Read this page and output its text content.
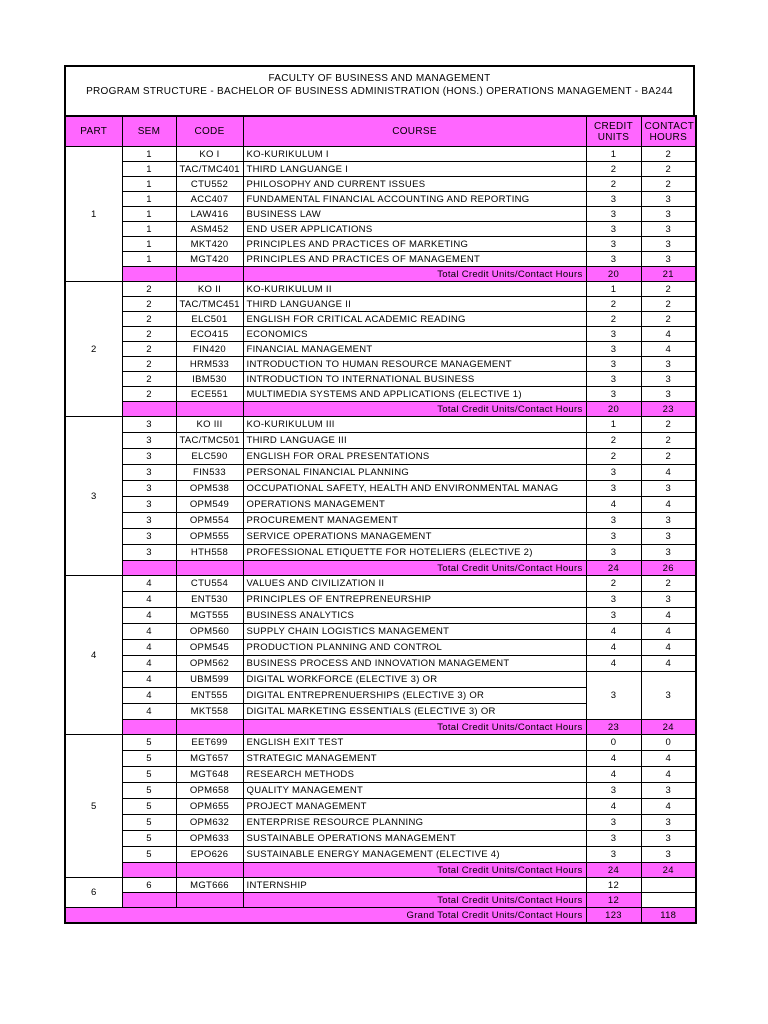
FACULTY OF BUSINESS AND MANAGEMENT
PROGRAM STRUCTURE - BACHELOR OF BUSINESS ADMINISTRATION (HONS.) OPERATIONS MANAGEMENT - BA244
PART	SEM	CODE	COURSE	CREDIT UNITS	CONTACT HOURS
1	1	KO I	KO-KURIKULUM I	1	2
	1	TAC/TMC401	THIRD LANGUANGE I	2	2
	1	CTU552	PHILOSOPHY AND CURRENT ISSUES	2	2
	1	ACC407	FUNDAMENTAL FINANCIAL ACCOUNTING AND REPORTING	3	3
	1	LAW416	BUSINESS LAW	3	3
	1	ASM452	END USER APPLICATIONS	3	3
	1	MKT420	PRINCIPLES AND PRACTICES OF MARKETING	3	3
	1	MGT420	PRINCIPLES AND PRACTICES OF MANAGEMENT	3	3
			Total Credit Units/Contact Hours	20	21
2	2	KO II	KO-KURIKULUM II	1	2
	2	TAC/TMC451	THIRD LANGUANGE II	2	2
	2	ELC501	ENGLISH FOR CRITICAL ACADEMIC READING	2	2
	2	ECO415	ECONOMICS	3	4
	2	FIN420	FINANCIAL MANAGEMENT	3	4
	2	HRM533	INTRODUCTION TO HUMAN RESOURCE MANAGEMENT	3	3
	2	IBM530	INTRODUCTION TO INTERNATIONAL BUSINESS	3	3
	2	ECE551	MULTIMEDIA SYSTEMS AND APPLICATIONS (ELECTIVE 1)	3	3
			Total Credit Units/Contact Hours	20	23
3	3	KO III	KO-KURIKULUM III	1	2
	3	TAC/TMC501	THIRD LANGUAGE III	2	2
	3	ELC590	ENGLISH FOR ORAL PRESENTATIONS	2	2
	3	FIN533	PERSONAL FINANCIAL PLANNING	3	4
	3	OPM538	OCCUPATIONAL SAFETY, HEALTH AND ENVIRONMENTAL MANAG	3	3
	3	OPM549	OPERATIONS MANAGEMENT	4	4
	3	OPM554	PROCUREMENT MANAGEMENT	3	3
	3	OPM555	SERVICE OPERATIONS MANAGEMENT	3	3
	3	HTH558	PROFESSIONAL ETIQUETTE FOR HOTELIERS (ELECTIVE 2)	3	3
			Total Credit Units/Contact Hours	24	26
4	4	CTU554	VALUES AND CIVILIZATION II	2	2
	4	ENT530	PRINCIPLES OF ENTREPRENEURSHIP	3	3
	4	MGT555	BUSINESS ANALYTICS	3	4
	4	OPM560	SUPPLY CHAIN LOGISTICS MANAGEMENT	4	4
	4	OPM545	PRODUCTION PLANNING AND CONTROL	4	4
	4	OPM562	BUSINESS PROCESS AND INNOVATION MANAGEMENT	4	4
	4	UBM599	DIGITAL WORKFORCE (ELECTIVE 3) OR	3	3
	4	ENT555	DIGITAL ENTREPRENUERSHIPS (ELECTIVE 3) OR		
	4	MKT558	DIGITAL MARKETING ESSENTIALS (ELECTIVE 3) OR		
			Total Credit Units/Contact Hours	23	24
5	5	EET699	ENGLISH EXIT TEST	0	0
	5	MGT657	STRATEGIC MANAGEMENT	4	4
	5	MGT648	RESEARCH METHODS	4	4
	5	OPM658	QUALITY MANAGEMENT	3	3
	5	OPM655	PROJECT MANAGEMENT	4	4
	5	OPM632	ENTERPRISE RESOURCE PLANNING	3	3
	5	OPM633	SUSTAINABLE OPERATIONS MANAGEMENT	3	3
	5	EPO626	SUSTAINABLE ENERGY MANAGEMENT (ELECTIVE 4)	3	3
			Total Credit Units/Contact Hours	24	24
6	6	MGT666	INTERNSHIP	12	
			Total Credit Units/Contact Hours	12	
Grand Total Credit Units/Contact Hours				123	118
